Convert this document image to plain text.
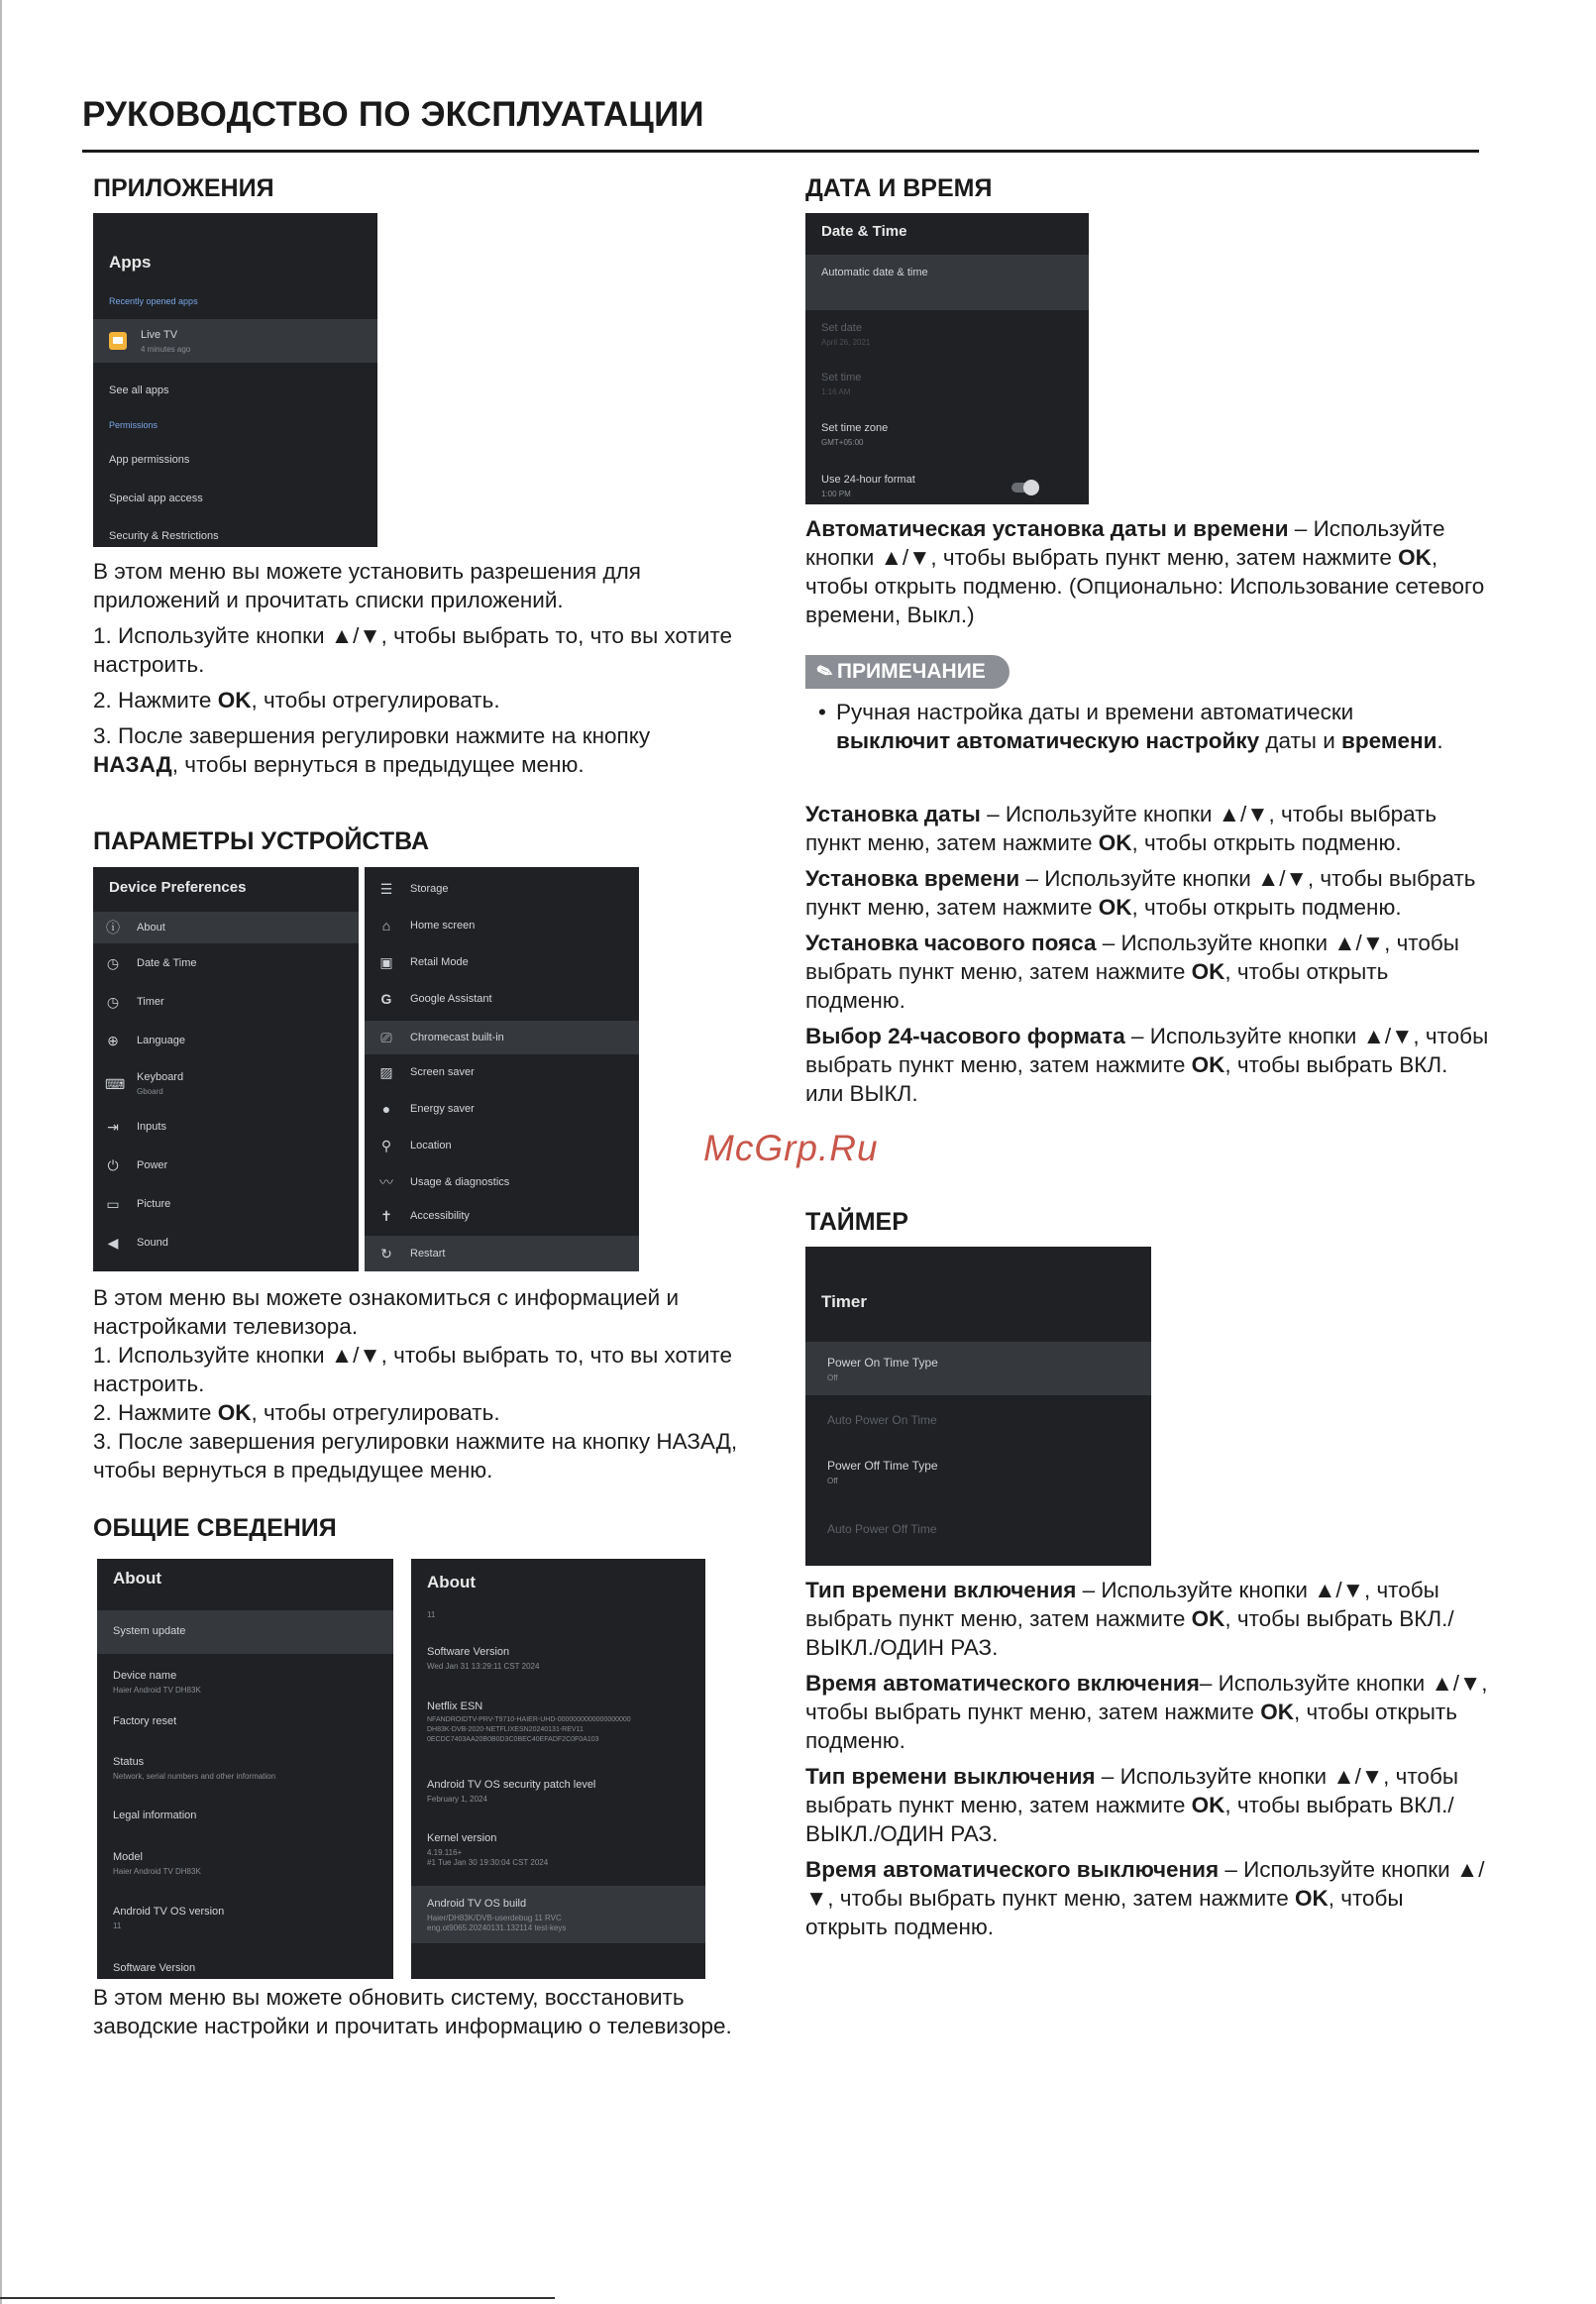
РУКОВОДСТВО ПО ЭКСПЛУАТАЦИИ
ПРИЛОЖЕНИЯ
Apps
Recently opened apps
Live TV
4 minutes ago
See all apps
Permissions
App permissions
Special app access
Security & Restrictions

В этом меню вы можете установить разрешения для приложений и прочитать списки приложений.

1. Используйте кнопки ▲/▼, чтобы выбрать то, что вы хотите настроить.

2. Нажмите OK, чтобы отрегулировать.

3. После завершения регулировки нажмите на кнопку НАЗАД, чтобы вернуться в предыдущее меню.

ПАРАМЕТРЫ УСТРОЙСТВА
Device Preferences
ⓘ About
◷ Date & Time
◷ Timer
⊕ Language
⌨ Keyboard
Gboard
⇥ Inputs
⏻ Power
▭ Picture
◀ Sound
☰ Storage
⌂	Home screen
▣ Retail Mode
G Google Assistant
⎚ Chromecast built-in
▨ Screen saver
●	Energy saver
⚲ Location
〰 Usage & diagnostics
✝ Accessibility
↻ Restart
В этом меню вы можете ознакомиться с информацией и настройками телевизора.
1. Используйте кнопки ▲/▼, чтобы выбрать то, что вы хотите настроить.
2. Нажмите OK, чтобы отрегулировать.
3. После завершения регулировки нажмите на кнопку НАЗАД, чтобы вернуться в предыдущее меню.
ОБЩИЕ СВЕДЕНИЯ
About
System update
Device name
Haier Android TV DH83K
Factory reset
Status
Network, serial numbers and other information
Legal information
Model
Haier Android TV DH83K
Android TV OS version
11
Software Version
About
11
Software Version
Wed Jan 31 13:29:11 CST 2024
Netflix ESN
NFANDROIDTV-PRV-T9710-HAIER-UHD-0000000000000000000
DH83K-DVB-2020-NETFLIXESN20240131-REV11
0ECDC7403AA20B0B0D3C0BEC40EFADF2C0F0A103
Android TV OS security patch level
February 1, 2024
Kernel version
4.19.116+
#1 Tue Jan 30 19:30:04 CST 2024
Android TV OS build
Haier/DH83K/DVB-userdebug 11 RVC
eng.ot9065.20240131.132114 test-keys
В этом меню вы можете обновить систему, восстановить заводские настройки и прочитать информацию о телевизоре.
ДАТА И ВРЕМЯ
Date & Time
Automatic date & time
Set date
April 26, 2021
Set time
1:16 AM
Set time zone
GMT+05:00
Use 24-hour format
1:00 PM
Автоматическая установка даты и времени – Используйте кнопки ▲/▼, чтобы выбрать пункт меню, затем нажмите OK, чтобы открыть подменю. (Опционально: Использование сетевого времени, Выкл.)
✎ПРИМЕЧАНИЕ
• Ручная настройка даты и времени автоматически выключит автоматическую настройку даты и времени.

Установка даты – Используйте кнопки ▲/▼, чтобы выбрать пункт меню, затем нажмите OK, чтобы открыть подменю.

Установка времени – Используйте кнопки ▲/▼, чтобы выбрать пункт меню, затем нажмите OK, чтобы открыть подменю.

Установка часового пояса – Используйте кнопки ▲/▼, чтобы выбрать пункт меню, затем нажмите OK, чтобы открыть подменю.

Выбор 24-часового формата – Используйте кнопки ▲/▼, чтобы выбрать пункт меню, затем нажмите OK, чтобы выбрать ВКЛ. или ВЫКЛ.

McGrp.Ru
ТАЙМЕР
Timer
Power On Time Type
Off
Auto Power On Time
Power Off Time Type
Off
Auto Power Off Time

Тип времени включения – Используйте кнопки ▲/▼, чтобы выбрать пункт меню, затем нажмите OK, чтобы выбрать ВКЛ./ВЫКЛ./ОДИН РАЗ.

Время автоматического включения– Используйте кнопки ▲/▼, чтобы выбрать пункт меню, затем нажмите OK, чтобы открыть подменю.

Тип времени выключения – Используйте кнопки ▲/▼, чтобы выбрать пункт меню, затем нажмите OK, чтобы выбрать ВКЛ./ВЫКЛ./ОДИН РАЗ.

Время автоматического выключения – Используйте кнопки ▲/▼, чтобы выбрать пункт меню, затем нажмите OK, чтобы открыть подменю.
